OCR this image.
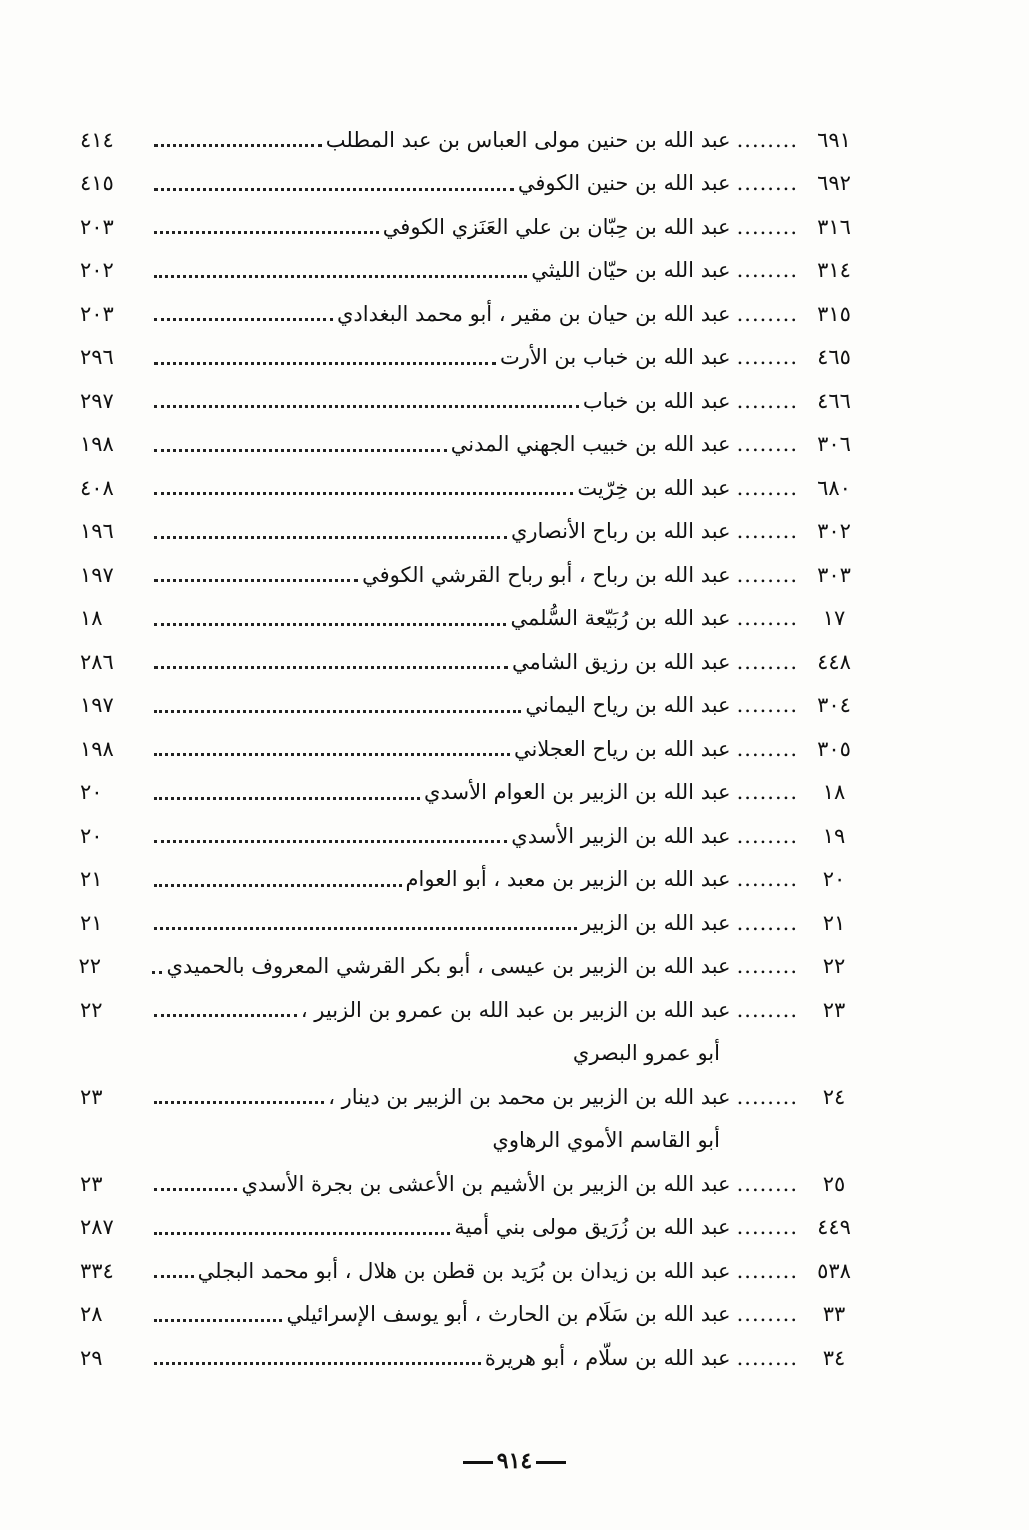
٦٩١
........
عبد الله بن حنين مولى العباس بن عبد المطلب
٤١٤
٦٩٢
........
عبد الله بن حنين الكوفي
٤١٥
٣١٦
........
عبد الله بن حِبّان بن علي العَنَزي الكوفي
٢٠٣
٣١٤
........
عبد الله بن حيّان الليثي
٢٠٢
٣١٥
........
عبد الله بن حيان بن مقير ، أبو محمد البغدادي
٢٠٣
٤٦٥
........
عبد الله بن خباب بن الأرت
٢٩٦
٤٦٦
........
عبد الله بن خباب
٢٩٧
٣٠٦
........
عبد الله بن خبيب الجهني المدني
١٩٨
٦٨٠
........
عبد الله بن خِرّيت
٤٠٨
٣٠٢
........
عبد الله بن رباح الأنصاري
١٩٦
٣٠٣
........
عبد الله بن رباح ، أبو رباح القرشي الكوفي
١٩٧
١٧
........
عبد الله بن رُبَيّعة السُّلمي
١٨
٤٤٨
........
عبد الله بن رزيق الشامي
٢٨٦
٣٠٤
........
عبد الله بن رياح اليماني
١٩٧
٣٠٥
........
عبد الله بن رياح العجلاني
١٩٨
١٨
........
عبد الله بن الزبير بن العوام الأسدي
٢٠
١٩
........
عبد الله بن الزبير الأسدي
٢٠
٢٠
........
عبد الله بن الزبير بن معبد ، أبو العوام
٢١
٢١
........
عبد الله بن الزبير
٢١
٢٢
........
عبد الله بن الزبير بن عيسى ، أبو بكر القرشي المعروف بالحميدي
٢٢
٢٣
........
عبد الله بن الزبير بن عبد الله بن عمرو بن الزبير ،
٢٢
أبو عمرو البصري
٢٤
........
عبد الله بن الزبير بن محمد بن الزبير بن دينار ،
٢٣
أبو القاسم الأموي الرهاوي
٢٥
........
عبد الله بن الزبير بن الأشيم بن الأعشى بن بجرة الأسدي
٢٣
٤٤٩
........
عبد الله بن زُرَيق مولى بني أمية
٢٨٧
٥٣٨
........
عبد الله بن زيدان بن بُرَيد بن قطن بن هلال ، أبو محمد البجلي
٣٣٤
٣٣
........
عبد الله بن سَلَام بن الحارث ، أبو يوسف الإسرائيلي
٢٨
٣٤
........
عبد الله بن سلّام ، أبو هريرة
٢٩
٩١٤
